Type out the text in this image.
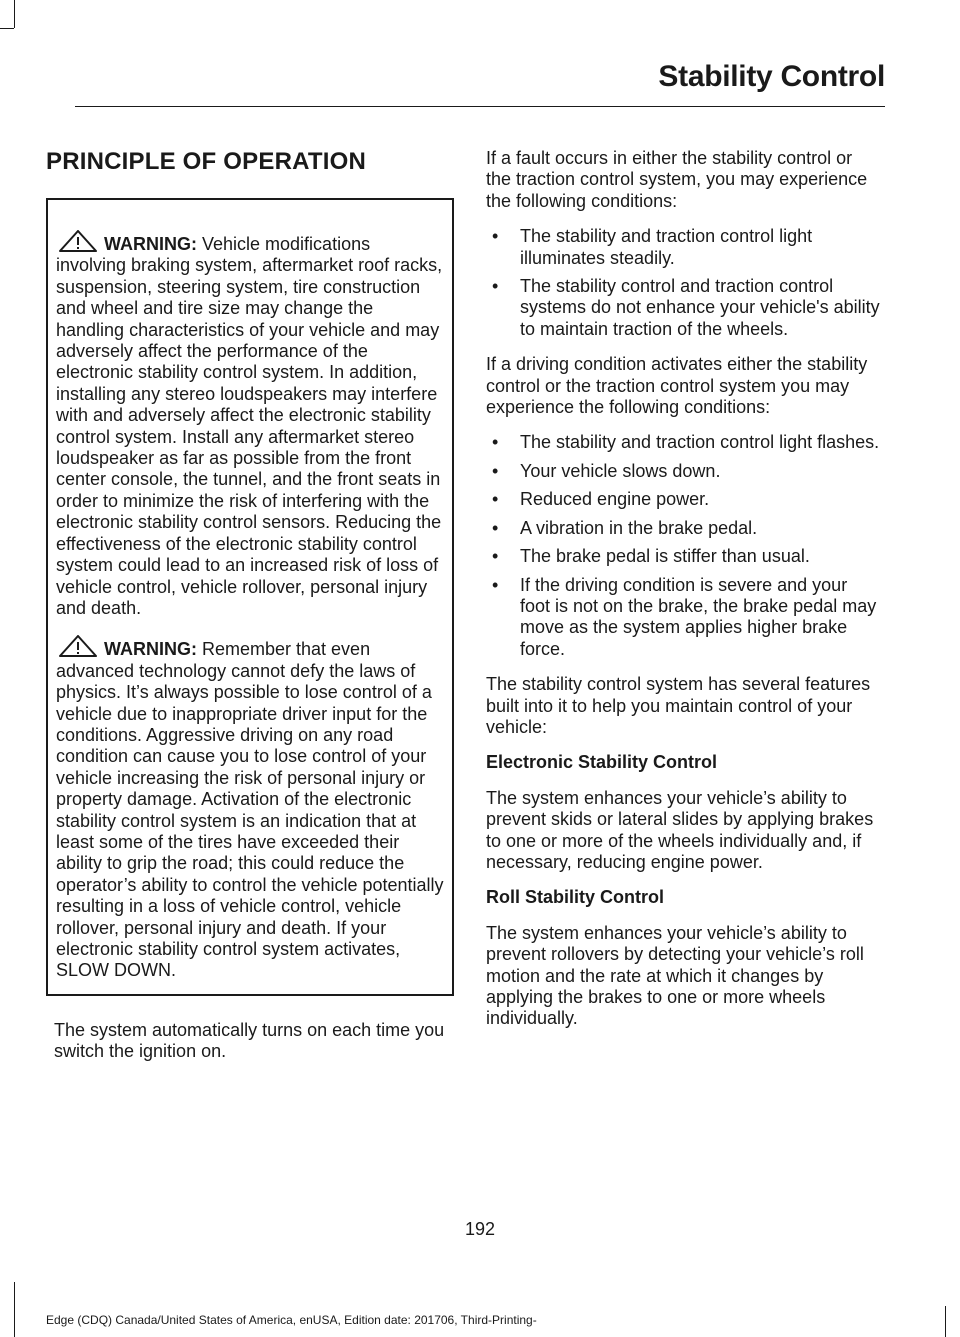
Stability Control
PRINCIPLE OF OPERATION

WARNING: Vehicle modifications involving braking system, aftermarket roof racks, suspension, steering system, tire construction and wheel and tire size may change the handling characteristics of your vehicle and may adversely affect the performance of the electronic stability control system. In addition, installing any stereo loudspeakers may interfere with and adversely affect the electronic stability control system. Install any aftermarket stereo loudspeaker as far as possible from the front center console, the tunnel, and the front seats in order to minimize the risk of interfering with the electronic stability control sensors. Reducing the effectiveness of the electronic stability control system could lead to an increased risk of loss of vehicle control, vehicle rollover, personal injury and death.

WARNING: Remember that even advanced technology cannot defy the laws of physics. It’s always possible to lose control of a vehicle due to inappropriate driver input for the conditions. Aggressive driving on any road condition can cause you to lose control of your vehicle increasing the risk of personal injury or property damage. Activation of the electronic stability control system is an indication that at least some of the tires have exceeded their ability to grip the road; this could reduce the operator’s ability to control the vehicle potentially resulting in a loss of vehicle control, vehicle rollover, personal injury and death. If your electronic stability control system activates, SLOW DOWN.

The system automatically turns on each time you switch the ignition on.

If a fault occurs in either the stability control or the traction control system, you may experience the following conditions:

• The stability and traction control light illuminates steadily.
• The stability control and traction control systems do not enhance your vehicle's ability to maintain traction of the wheels.

If a driving condition activates either the stability control or the traction control system you may experience the following conditions:

• The stability and traction control light flashes.
• Your vehicle slows down.
• Reduced engine power.
• A vibration in the brake pedal.
• The brake pedal is stiffer than usual.
• If the driving condition is severe and your foot is not on the brake, the brake pedal may move as the system applies higher brake force.

The stability control system has several features built into it to help you maintain control of your vehicle:

Electronic Stability Control

The system enhances your vehicle’s ability to prevent skids or lateral slides by applying brakes to one or more of the wheels individually and, if necessary, reducing engine power.

Roll Stability Control

The system enhances your vehicle’s ability to prevent rollovers by detecting your vehicle’s roll motion and the rate at which it changes by applying the brakes to one or more wheels individually.

192
Edge (CDQ) Canada/United States of America, enUSA, Edition date: 201706, Third-Printing-
